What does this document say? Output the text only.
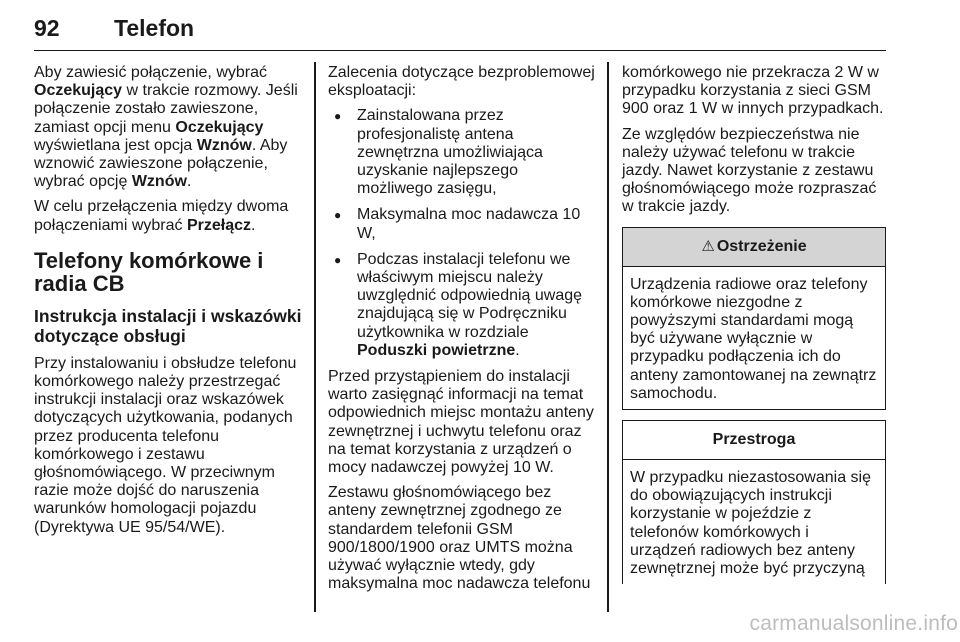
92 Telefon

Aby zawiesić połączenie, wybrać Oczekujący w trakcie rozmowy. Jeśli połączenie zostało zawieszone, zamiast opcji menu Oczekujący wyświetlana jest opcja Wznów. Aby wznowić zawieszone połączenie, wybrać opcję Wznów.

W celu przełączenia między dwoma połączeniami wybrać Przełącz.

Telefony komórkowe i radia CB
Instrukcja instalacji i wskazówki dotyczące obsługi

Przy instalowaniu i obsłudze telefonu komórkowego należy przestrzegać instrukcji instalacji oraz wskazówek dotyczących użytkowania, podanych przez producenta telefonu komórkowego i zestawu głośnomówiącego. W przeciwnym razie może dojść do naruszenia warunków homologacji pojazdu (Dyrektywa UE 95/54/WE).

Zalecenia dotyczące bezproblemowej eksploatacji:

● Zainstalowana przez profesjonalistę antena zewnętrzna umożliwiająca uzyskanie najlepszego możliwego zasięgu,
● Maksymalna moc nadawcza 10 W,
● Podczas instalacji telefonu we właściwym miejscu należy uwzględnić odpowiednią uwagę znajdującą się w Podręczniku użytkownika w rozdziale Poduszki powietrzne.

Przed przystąpieniem do instalacji warto zasięgnąć informacji na temat odpowiednich miejsc montażu anteny zewnętrznej i uchwytu telefonu oraz na temat korzystania z urządzeń o mocy nadawczej powyżej 10 W.

Zestawu głośnomówiącego bez anteny zewnętrznej zgodnego ze standardem telefonii GSM 900/1800/1900 oraz UMTS można używać wyłącznie wtedy, gdy maksymalna moc nadawcza telefonu

komórkowego nie przekracza 2 W w przypadku korzystania z sieci GSM 900 oraz 1 W w innych przypadkach.

Ze względów bezpieczeństwa nie należy używać telefonu w trakcie jazdy. Nawet korzystanie z zestawu głośnomówiącego może rozpraszać w trakcie jazdy.

⚠ Ostrzeżenie
Urządzenia radiowe oraz telefony komórkowe niezgodne z powyższymi standardami mogą być używane wyłącznie w przypadku podłączenia ich do anteny zamontowanej na zewnątrz samochodu.
Przestroga
W przypadku niezastosowania się do obowiązujących instrukcji korzystanie w pojeździe z telefonów komórkowych i urządzeń radiowych bez anteny zewnętrznej może być przyczyną
carmanualsonline.info
